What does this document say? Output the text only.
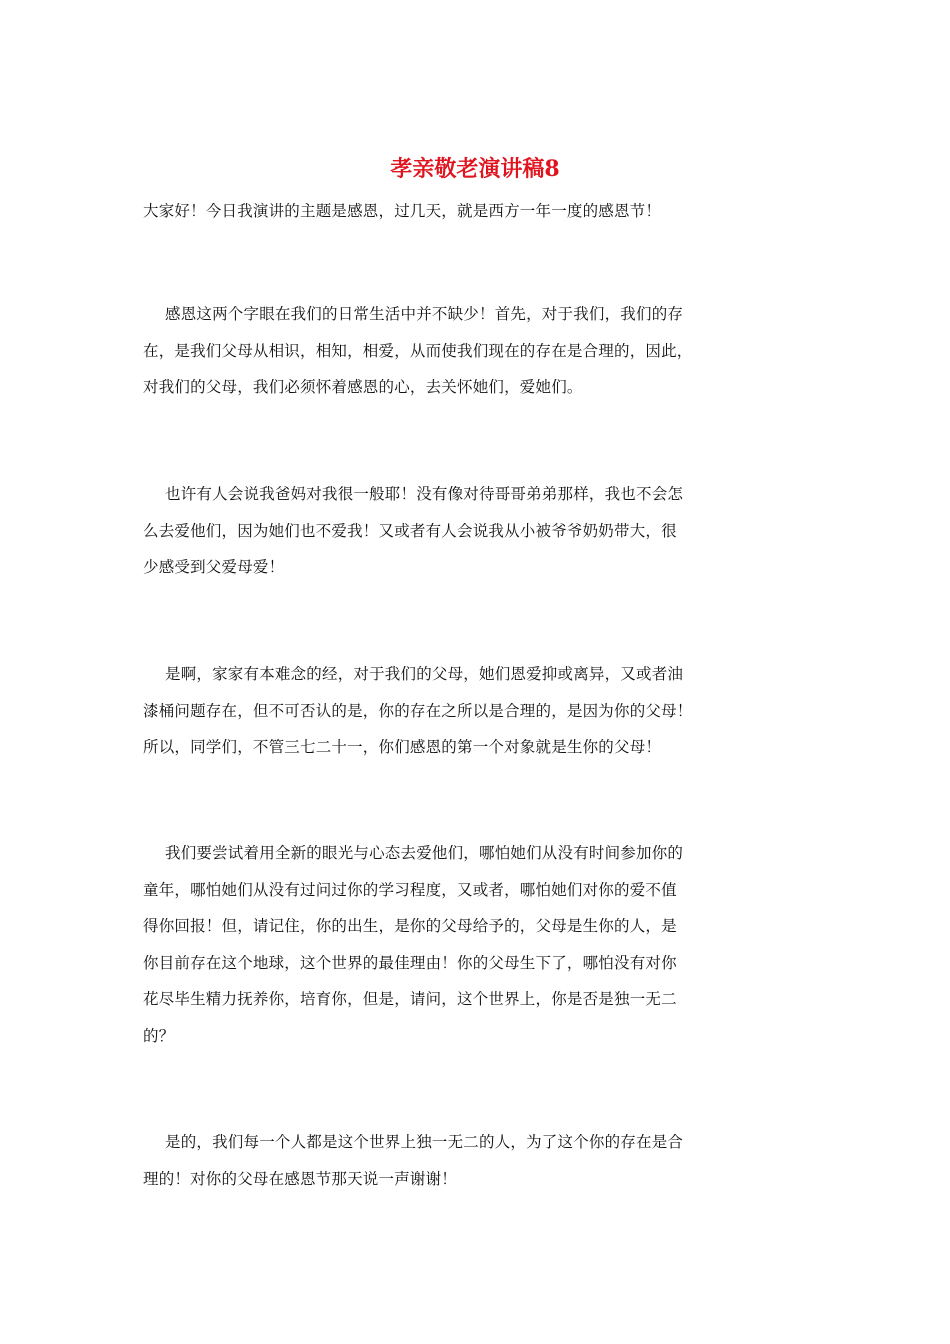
孝亲敬老演讲稿8

大家好！今日我演讲的主题是感恩，过几天，就是西方一年一度的感恩节！

感恩这两个字眼在我们的日常生活中并不缺少！首先，对于我们，我们的存
在，是我们父母从相识，相知，相爱，从而使我们现在的存在是合理的，因此，
对我们的父母，我们必须怀着感恩的心，去关怀她们，爱她们。

也许有人会说我爸妈对我很一般耶！没有像对待哥哥弟弟那样，我也不会怎
么去爱他们，因为她们也不爱我！又或者有人会说我从小被爷爷奶奶带大，很
少感受到父爱母爱！

是啊，家家有本难念的经，对于我们的父母，她们恩爱抑或离异，又或者油
漆桶问题存在，但不可否认的是，你的存在之所以是合理的，是因为你的父母！
所以，同学们，不管三七二十一，你们感恩的第一个对象就是生你的父母！

我们要尝试着用全新的眼光与心态去爱他们，哪怕她们从没有时间参加你的
童年，哪怕她们从没有过问过你的学习程度，又或者，哪怕她们对你的爱不值
得你回报！但，请记住，你的出生，是你的父母给予的，父母是生你的人，是
你目前存在这个地球，这个世界的最佳理由！你的父母生下了，哪怕没有对你
花尽毕生精力抚养你，培育你，但是，请问，这个世界上，你是否是独一无二
的？

是的，我们每一个人都是这个世界上独一无二的人，为了这个你的存在是合
理的！对你的父母在感恩节那天说一声谢谢！
